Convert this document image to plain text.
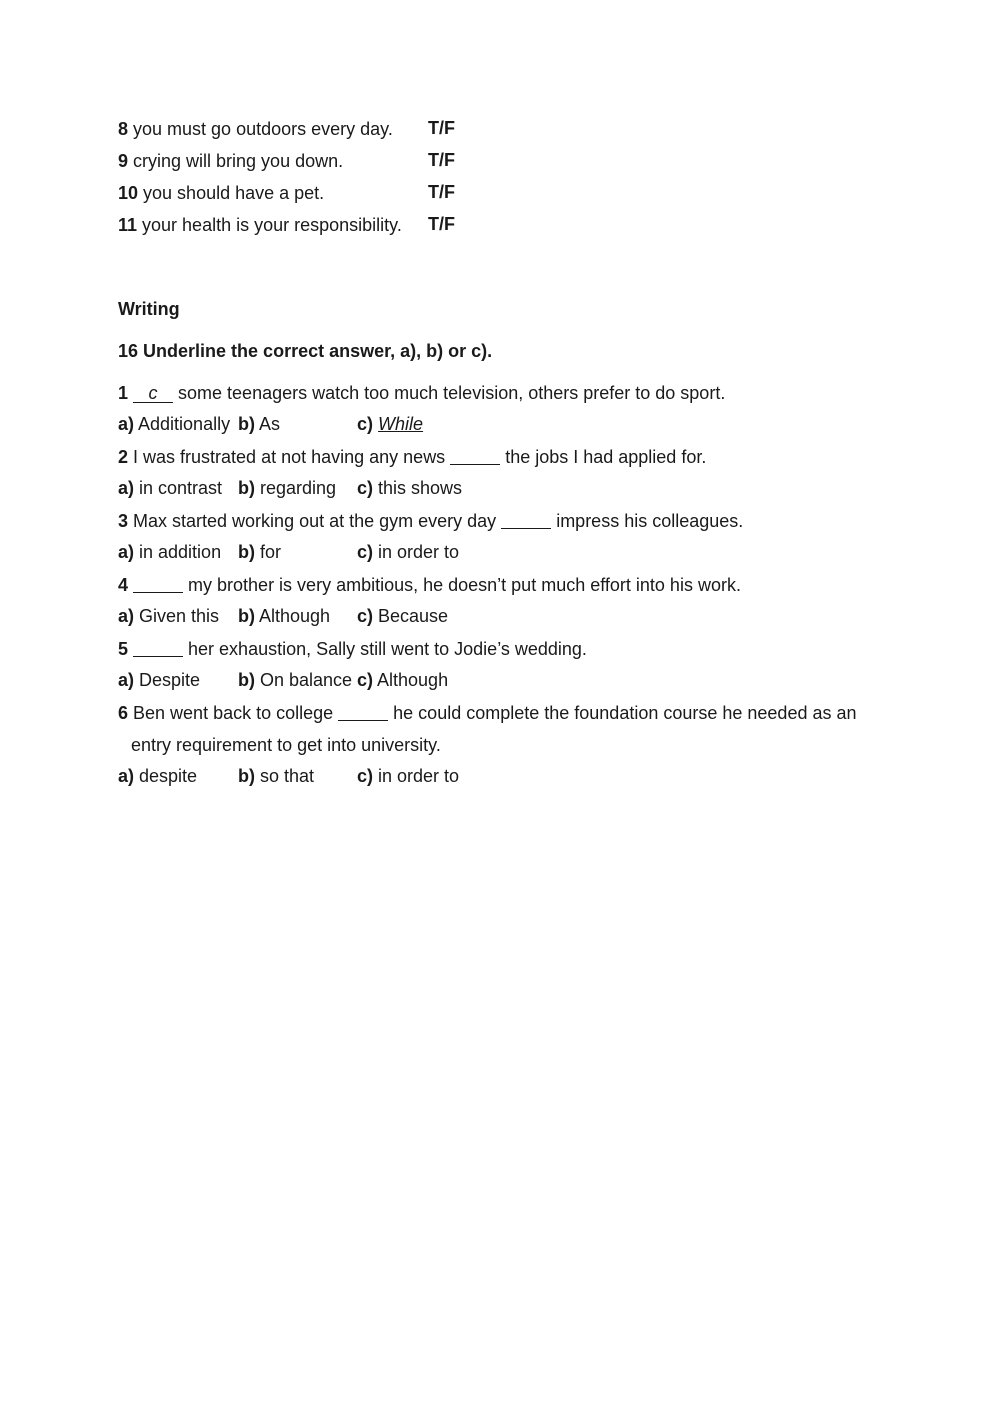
8 you must go outdoors every day. T/F
9 crying will bring you down.	T/F
10 you should have a pet.	T/F
11 your health is your responsibility. T/F
Writing
16 Underline the correct answer, a), b) or c).
1 c some teenagers watch too much television, others prefer to do sport.
a) Additionally b) As	c) While
2 I was frustrated at not having any news	the jobs I had applied for.
a) in contrast b) regarding c) this shows
3 Max started working out at the gym every day	impress his colleagues.
a) in addition b) for	c) in order to
4	my brother is very ambitious, he doesn’t put much effort into his work.
a) Given this b) Although c) Because
5	her exhaustion, Sally still went to Jodie’s wedding.
a) Despite b) On balance c) Although
6 Ben went back to college	he could complete the foundation course he needed as an
entry requirement to get into university.
a) despite b) so that c) in order to
